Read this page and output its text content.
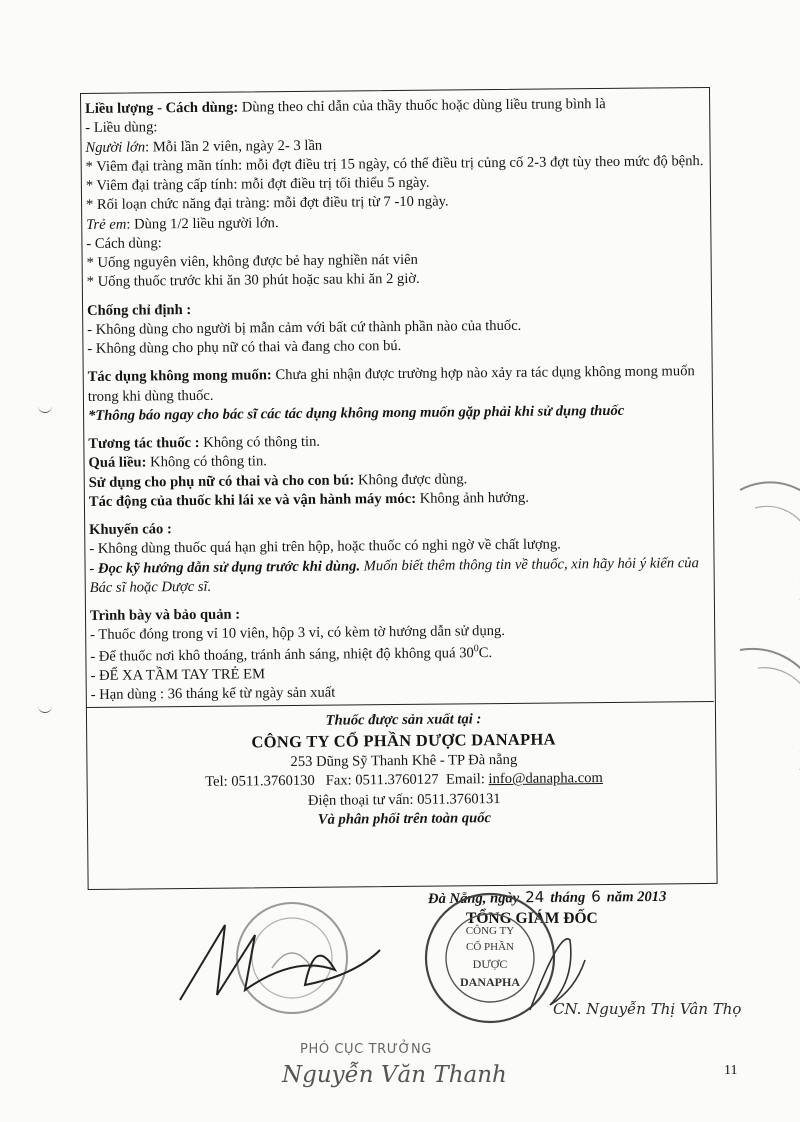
Liều lượng - Cách dùng: Dùng theo chỉ dẫn của thầy thuốc hoặc dùng liều trung bình là

- Liều dùng:

Người lớn: Mỗi lần 2 viên, ngày 2- 3 lần

* Viêm đại tràng mãn tính: mỗi đợt điều trị 15 ngày, có thể điều trị củng cố 2-3 đợt tùy theo mức độ bệnh.

* Viêm đại tràng cấp tính: mỗi đợt điều trị tối thiểu 5 ngày.

* Rối loạn chức năng đại tràng: mỗi đợt điều trị từ 7 -10 ngày.

Trẻ em: Dùng 1/2 liều người lớn.

- Cách dùng:

* Uống nguyên viên, không được bẻ hay nghiền nát viên

* Uống thuốc trước khi ăn 30 phút hoặc sau khi ăn 2 giờ.

Chống chỉ định :

- Không dùng cho người bị mẫn cảm với bất cứ thành phần nào của thuốc.

- Không dùng cho phụ nữ có thai và đang cho con bú.

Tác dụng không mong muốn: Chưa ghi nhận được trường hợp nào xảy ra tác dụng không mong muốn trong khi dùng thuốc.

*Thông báo ngay cho bác sĩ các tác dụng không mong muốn gặp phải khi sử dụng thuốc

Tương tác thuốc : Không có thông tin.

Quá liều: Không có thông tin.

Sử dụng cho phụ nữ có thai và cho con bú: Không được dùng.

Tác động của thuốc khi lái xe và vận hành máy móc: Không ảnh hưởng.

Khuyến cáo :

- Không dùng thuốc quá hạn ghi trên hộp, hoặc thuốc có nghi ngờ về chất lượng.

- Đọc kỹ hướng dẫn sử dụng trước khi dùng. Muốn biết thêm thông tin về thuốc, xin hãy hỏi ý kiến của Bác sĩ hoặc Dược sĩ.

Trình bày và bảo quản :

- Thuốc đóng trong vỉ 10 viên, hộp 3 vỉ, có kèm tờ hướng dẫn sử dụng.

- Để thuốc nơi khô thoáng, tránh ánh sáng, nhiệt độ không quá $30^0C$.

- ĐỂ XA TẦM TAY TRẺ EM

- Hạn dùng : 36 tháng kể từ ngày sản xuất

Thuốc được sản xuất tại :

CÔNG TY CỔ PHẦN DƯỢC DANAPHA

253 Dũng Sỹ Thanh Khê - TP Đà nẵng

Tel: 0511.3760130 Fax: 0511.3760127 Email: info@danapha.com

Điện thoại tư vấn: 0511.3760131

Và phân phối trên toàn quốc

Đà Nẵng, ngày 24 tháng 6 năm 2013
TỔNG GIÁM ĐỐC
CÔNG TY
CỔ PHẦN
DƯỢC
DANAPHA
CN. Nguyễn Thị Vân Thọ
PHÓ CỤC TRƯỞNG
Nguyễn Văn Thanh	11
